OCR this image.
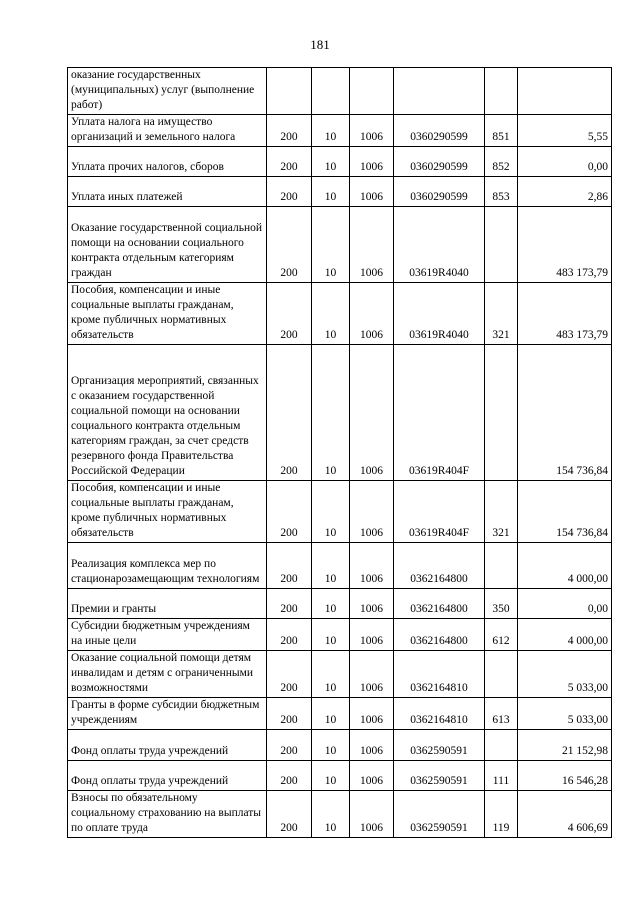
181
оказание государственных (муниципальных) услуг (выполнение работ)						
Уплата налога на имущество организаций и земельного налога	200	10	1006	0360290599	851	5,55
Уплата прочих налогов, сборов	200	10	1006	0360290599	852	0,00
Уплата иных платежей	200	10	1006	0360290599	853	2,86
Оказание государственной социальной помощи на основании социального контракта отдельным категориям граждан	200	10	1006	03619R4040		483 173,79
Пособия, компенсации и иные социальные выплаты гражданам, кроме публичных нормативных обязательств	200	10	1006	03619R4040	321	483 173,79
Организация мероприятий, связанных с оказанием государственной социальной помощи на основании социального контракта отдельным категориям граждан, за счет средств резервного фонда Правительства Российской Федерации	200	10	1006	03619R404F		154 736,84
Пособия, компенсации и иные социальные выплаты гражданам, кроме публичных нормативных обязательств	200	10	1006	03619R404F	321	154 736,84
Реализация комплекса мер по стационарозамещающим технологиям	200	10	1006	0362164800		4 000,00
Премии и гранты	200	10	1006	0362164800	350	0,00
Субсидии бюджетным учреждениям на иные цели	200	10	1006	0362164800	612	4 000,00
Оказание социальной помощи детям инвалидам и детям с ограниченными возможностями	200	10	1006	0362164810		5 033,00
Гранты в форме субсидии бюджетным учреждениям	200	10	1006	0362164810	613	5 033,00
Фонд оплаты труда учреждений	200	10	1006	0362590591		21 152,98
Фонд оплаты труда учреждений	200	10	1006	0362590591	111	16 546,28
Взносы по обязательному социальному страхованию на выплаты по оплате труда	200	10	1006	0362590591	119	4 606,69
